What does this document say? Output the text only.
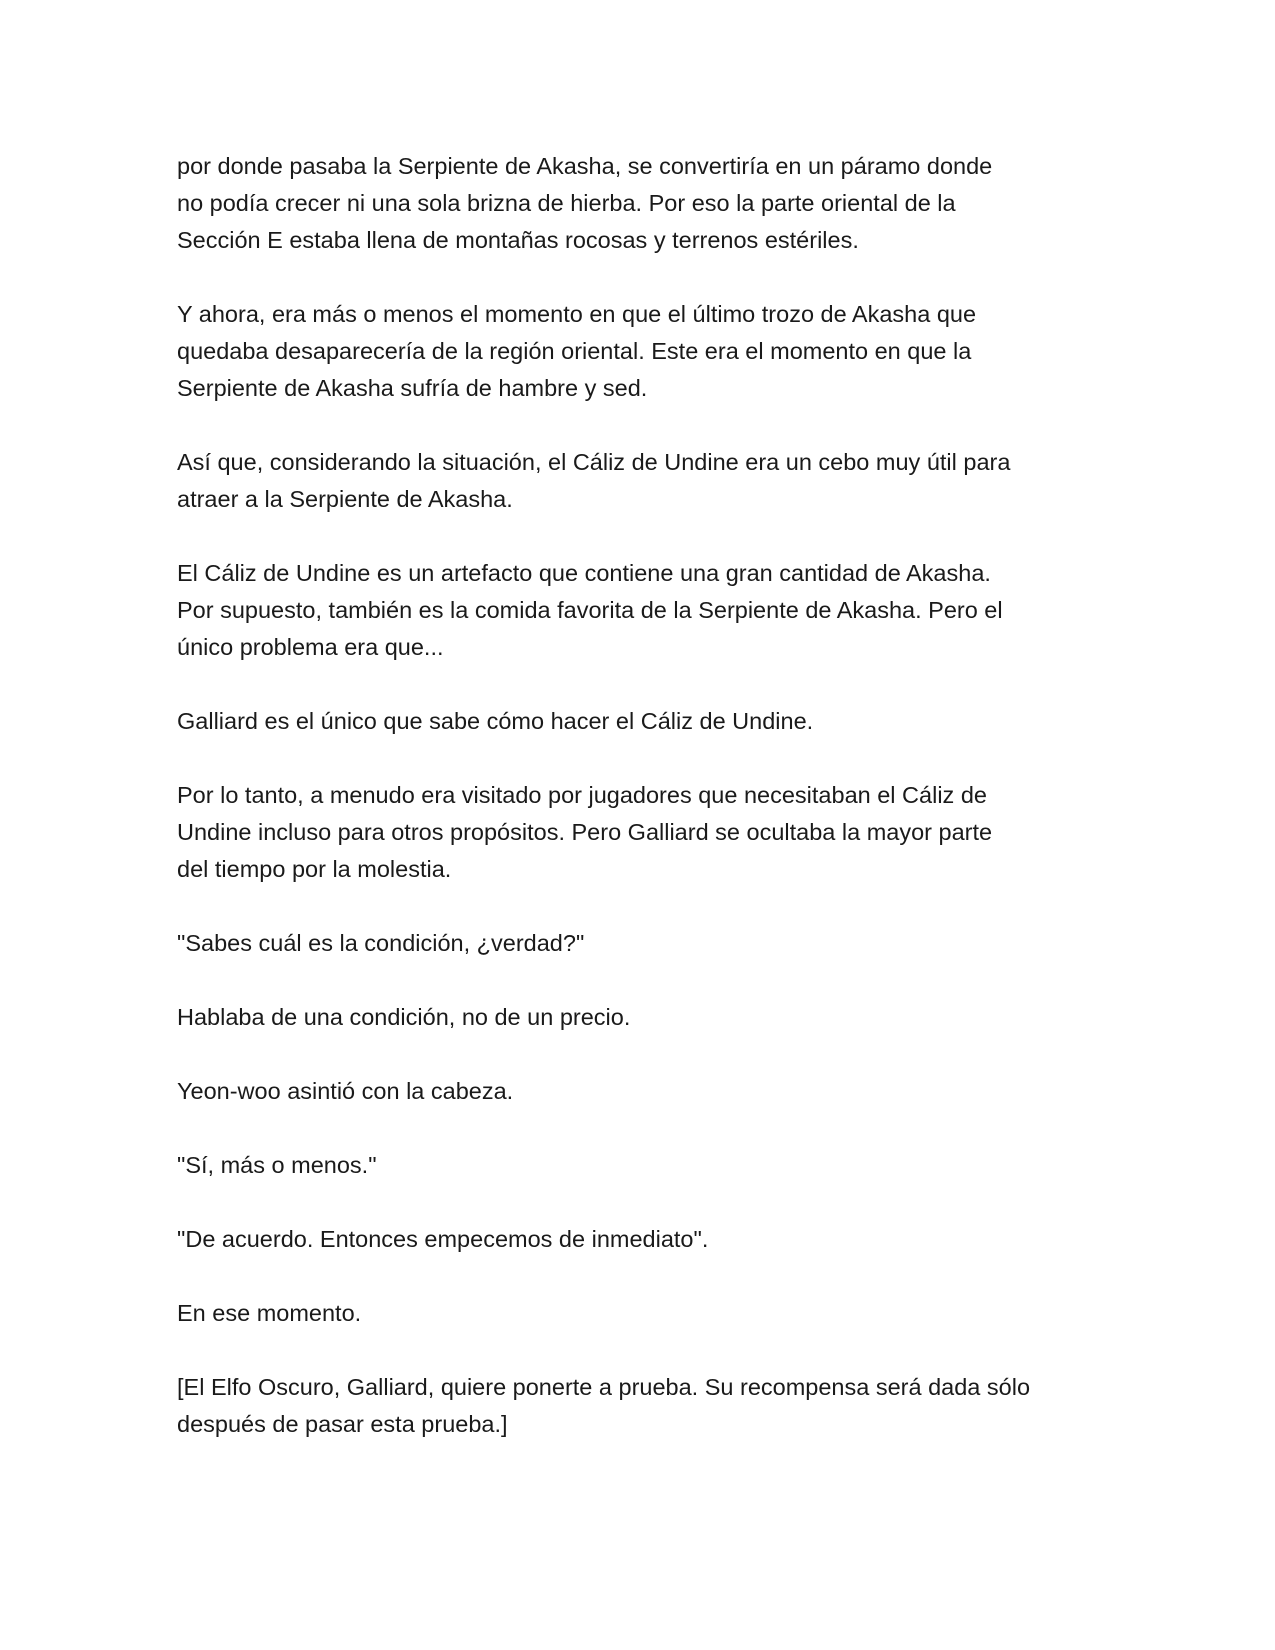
por donde pasaba la Serpiente de Akasha, se convertiría en un páramo donde
no podía crecer ni una sola brizna de hierba. Por eso la parte oriental de la
Sección E estaba llena de montañas rocosas y terrenos estériles.

Y ahora, era más o menos el momento en que el último trozo de Akasha que
quedaba desaparecería de la región oriental. Este era el momento en que la
Serpiente de Akasha sufría de hambre y sed.

Así que, considerando la situación, el Cáliz de Undine era un cebo muy útil para
atraer a la Serpiente de Akasha.

El Cáliz de Undine es un artefacto que contiene una gran cantidad de Akasha.
Por supuesto, también es la comida favorita de la Serpiente de Akasha. Pero el
único problema era que...

Galliard es el único que sabe cómo hacer el Cáliz de Undine.

Por lo tanto, a menudo era visitado por jugadores que necesitaban el Cáliz de
Undine incluso para otros propósitos. Pero Galliard se ocultaba la mayor parte
del tiempo por la molestia.

"Sabes cuál es la condición, ¿verdad?"

Hablaba de una condición, no de un precio.

Yeon-woo asintió con la cabeza.

"Sí, más o menos."

"De acuerdo. Entonces empecemos de inmediato".

En ese momento.

[El Elfo Oscuro, Galliard, quiere ponerte a prueba. Su recompensa será dada sólo
después de pasar esta prueba.]
